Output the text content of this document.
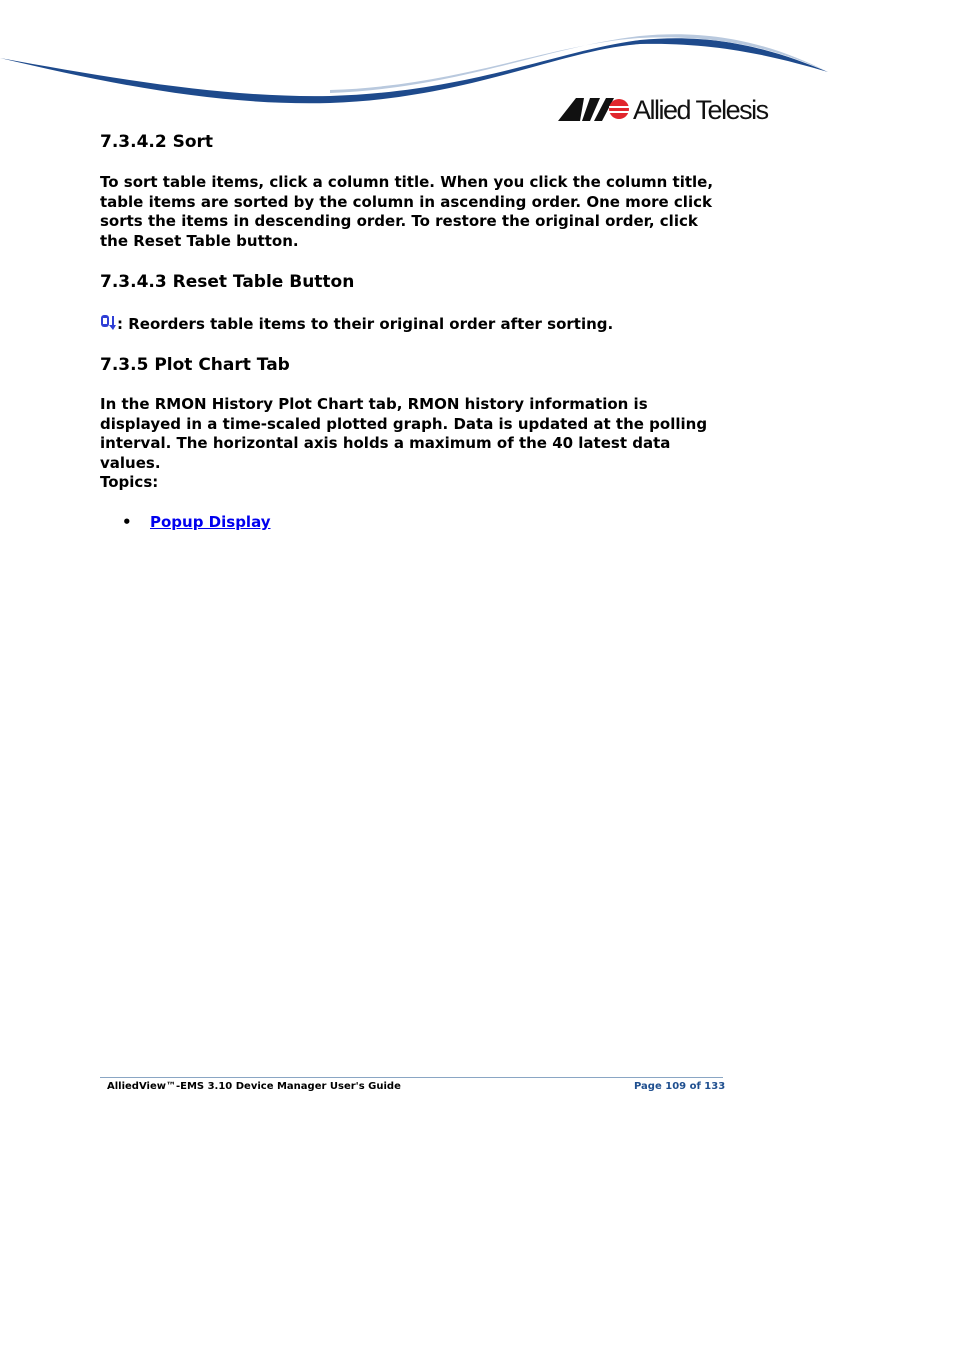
Allied Telesis
7.3.4.2 Sort

To sort table items, click a column title. When you click the column title, table items are sorted by the column in ascending order. One more click sorts the items in descending order. To restore the original order, click the Reset Table button.

7.3.4.3 Reset Table Button

: Reorders table items to their original order after sorting.

7.3.5 Plot Chart Tab

In the RMON History Plot Chart tab, RMON history information is displayed in a time-scaled plotted graph. Data is updated at the polling interval. The horizontal axis holds a maximum of the 40 latest data values.

Topics:

• Popup Display
AlliedView™-EMS 3.10 Device Manager User's Guide	Page 109 of 133
